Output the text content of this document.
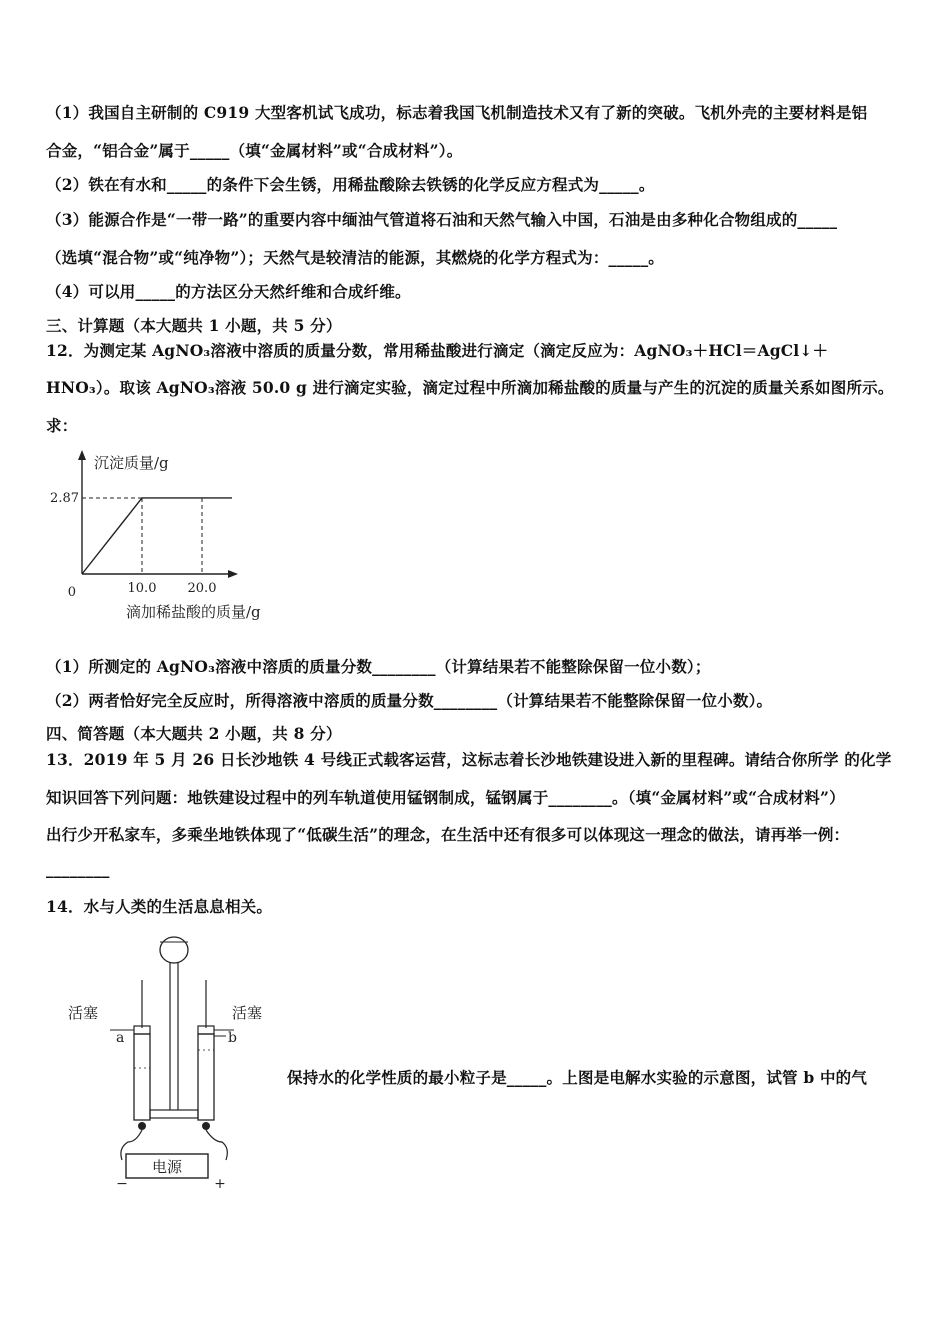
（1）我国自主研制的 C919 大型客机试飞成功，标志着我国飞机制造技术又有了新的突破。飞机外壳的主要材料是铝
合金，“铝合金”属于_____（填“金属材料”或“合成材料”）。
（2）铁在有水和_____的条件下会生锈，用稀盐酸除去铁锈的化学反应方程式为_____。
（3）能源合作是“一带一路”的重要内容中缅油气管道将石油和天然气输入中国，石油是由多种化合物组成的_____
（选填“混合物”或“纯净物”）；天然气是较清洁的能源，其燃烧的化学方程式为：_____。
（4）可以用_____的方法区分天然纤维和合成纤维。
三、计算题（本大题共 1 小题，共 5 分）
12．为测定某 AgNO₃溶液中溶质的质量分数，常用稀盐酸进行滴定（滴定反应为：AgNO₃＋HCl＝AgCl↓＋
HNO₃）。取该 AgNO₃溶液 50.0 g 进行滴定实验，滴定过程中所滴加稀盐酸的质量与产生的沉淀的质量关系如图所示。
求：
沉淀质量/g
滴加稀盐酸的质量/g
0
2.87
10.0 20.0
（1）所测定的 AgNO₃溶液中溶质的质量分数________（计算结果若不能整除保留一位小数）；
（2）两者恰好完全反应时，所得溶液中溶质的质量分数________（计算结果若不能整除保留一位小数）。
四、简答题（本大题共 2 小题，共 8 分）
13．2019 年 5 月 26 日长沙地铁 4 号线正式载客运营，这标志着长沙地铁建设进入新的里程碑。请结合你所学 的化学
知识回答下列问题：地铁建设过程中的列车轨道使用锰钢制成，锰钢属于________。（填“金属材料”或“合成材料”）
出行少开私家车，多乘坐地铁体现了“低碳生活”的理念，在生活中还有很多可以体现这一理念的做法，请再举一例：
________
14．水与人类的生活息息相关。
电源
−	+
活塞	活塞
a	b
保持水的化学性质的最小粒子是_____。上图是电解水实验的示意图，试管 b 中的气
